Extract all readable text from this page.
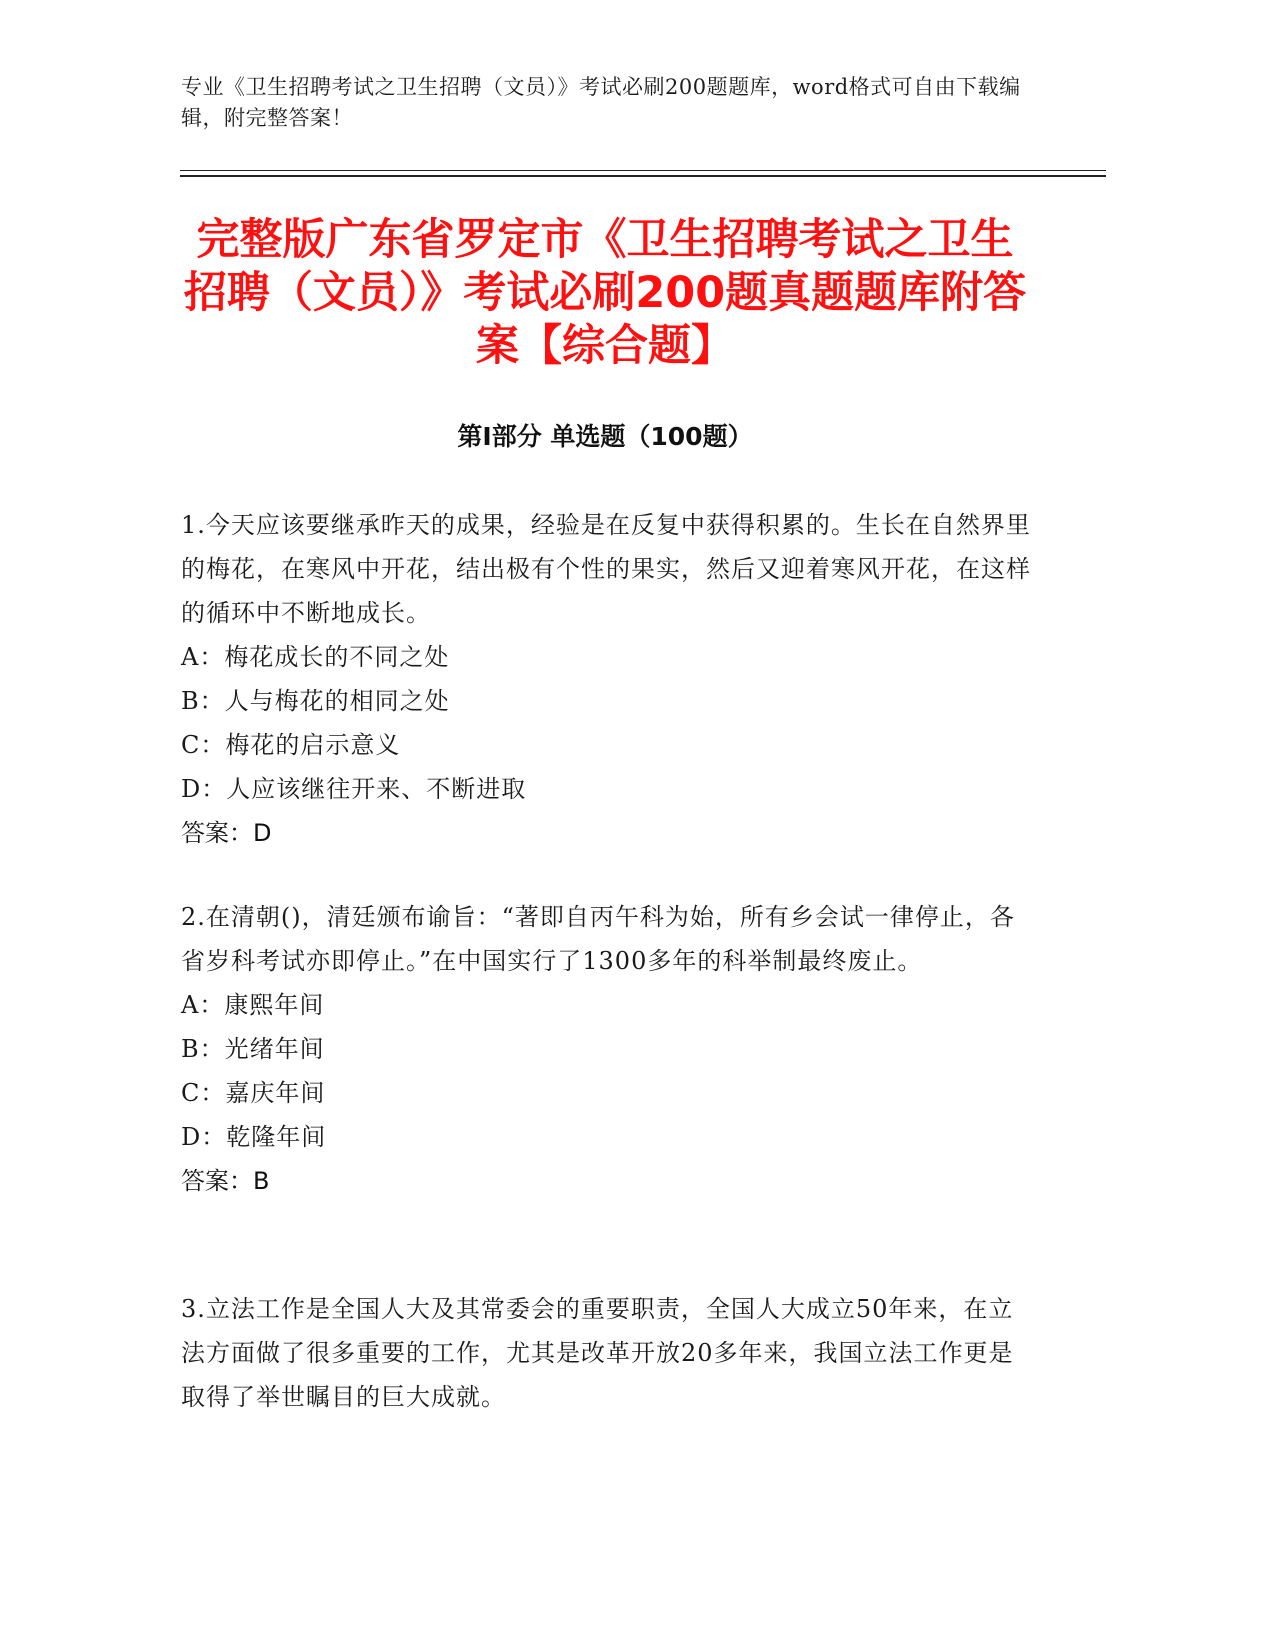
专业《卫生招聘考试之卫生招聘（文员）》考试必刷200题题库，word格式可自由下载编辑，附完整答案！
完整版广东省罗定市《卫生招聘考试之卫生招聘（文员）》考试必刷200题真题题库附答案【综合题】
第I部分 单选题（100题）

1.今天应该要继承昨天的成果，经验是在反复中获得积累的。生长在自然界里的梅花，在寒风中开花，结出极有个性的果实，然后又迎着寒风开花，在这样的循环中不断地成长。

A：梅花成长的不同之处

B：人与梅花的相同之处

C：梅花的启示意义

D：人应该继往开来、不断进取

答案：D

2.在清朝()，清廷颁布谕旨：“著即自丙午科为始，所有乡会试一律停止，各省岁科考试亦即停止。”在中国实行了1300多年的科举制最终废止。

A：康熙年间

B：光绪年间

C：嘉庆年间

D：乾隆年间

答案：B

3.立法工作是全国人大及其常委会的重要职责，全国人大成立50年来，在立法方面做了很多重要的工作，尤其是改革开放20多年来，我国立法工作更是取得了举世瞩目的巨大成就。
